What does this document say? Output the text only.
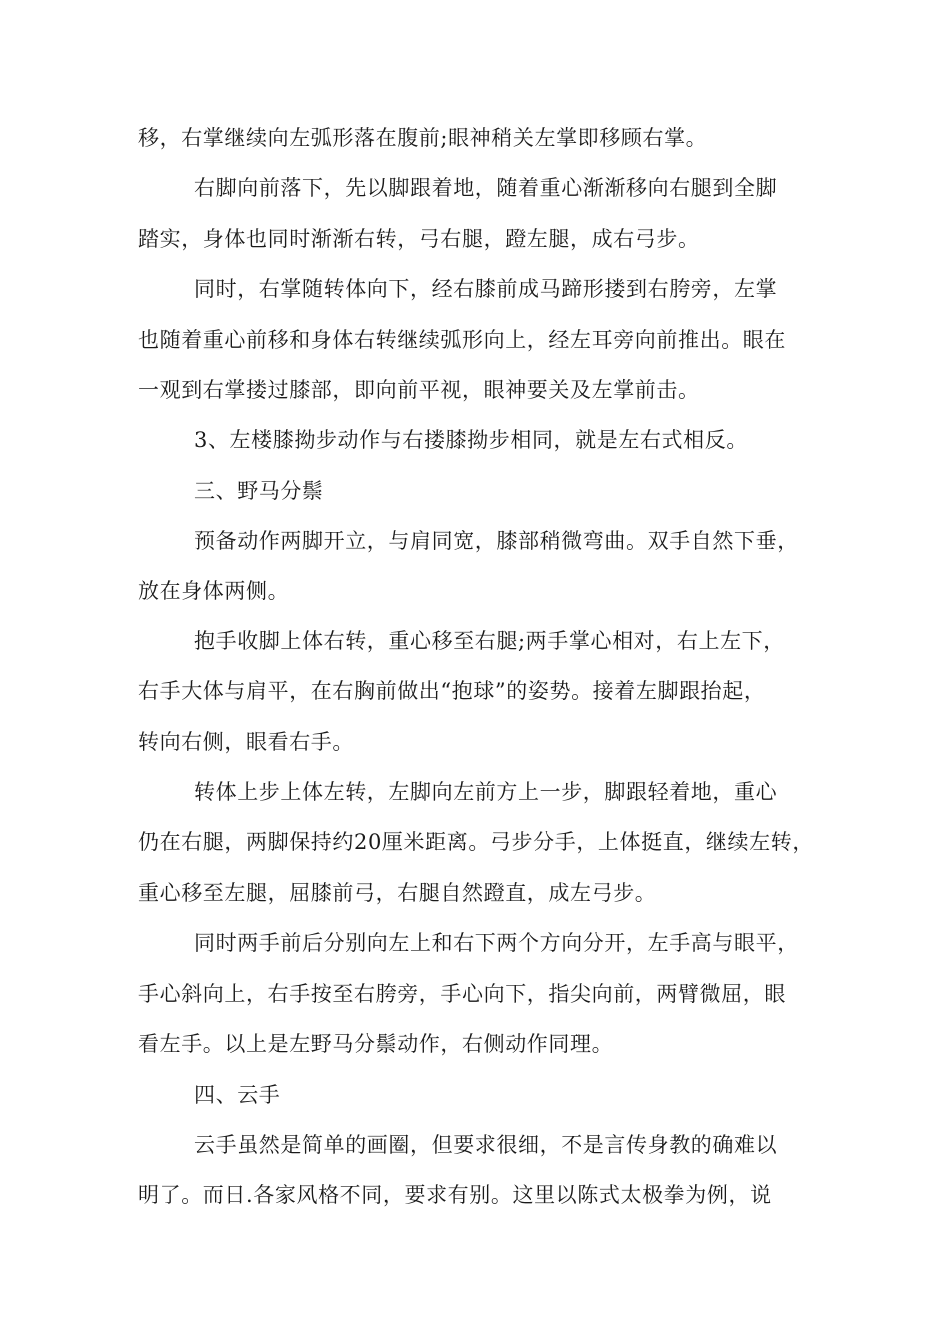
移，右掌继续向左弧形落在腹前;眼神稍关左掌即移顾右掌。
右脚向前落下，先以脚跟着地，随着重心渐渐移向右腿到全脚
踏实，身体也同时渐渐右转，弓右腿，蹬左腿，成右弓步。
同时，右掌随转体向下，经右膝前成马蹄形搂到右胯旁，左掌
也随着重心前移和身体右转继续弧形向上，经左耳旁向前推出。眼在
一观到右掌搂过膝部，即向前平视，眼神要关及左掌前击。
3、左楼膝拗步动作与右搂膝拗步相同，就是左右式相反。
三、野马分鬃
预备动作两脚开立，与肩同宽，膝部稍微弯曲。双手自然下垂，
放在身体两侧。
抱手收脚上体右转，重心移至右腿;两手掌心相对，右上左下，
右手大体与肩平，在右胸前做出“抱球”的姿势。接着左脚跟抬起，
转向右侧，眼看右手。
转体上步上体左转，左脚向左前方上一步，脚跟轻着地，重心
仍在右腿，两脚保持约20厘米距离。弓步分手，上体挺直，继续左转，
重心移至左腿，屈膝前弓，右腿自然蹬直，成左弓步。
同时两手前后分别向左上和右下两个方向分开，左手高与眼平，
手心斜向上，右手按至右胯旁，手心向下，指尖向前，两臂微屈，眼
看左手。以上是左野马分鬃动作，右侧动作同理。
四、云手
云手虽然是简单的画圈，但要求很细，不是言传身教的确难以
明了。而日.各家风格不同，要求有别。这里以陈式太极拳为例，说
